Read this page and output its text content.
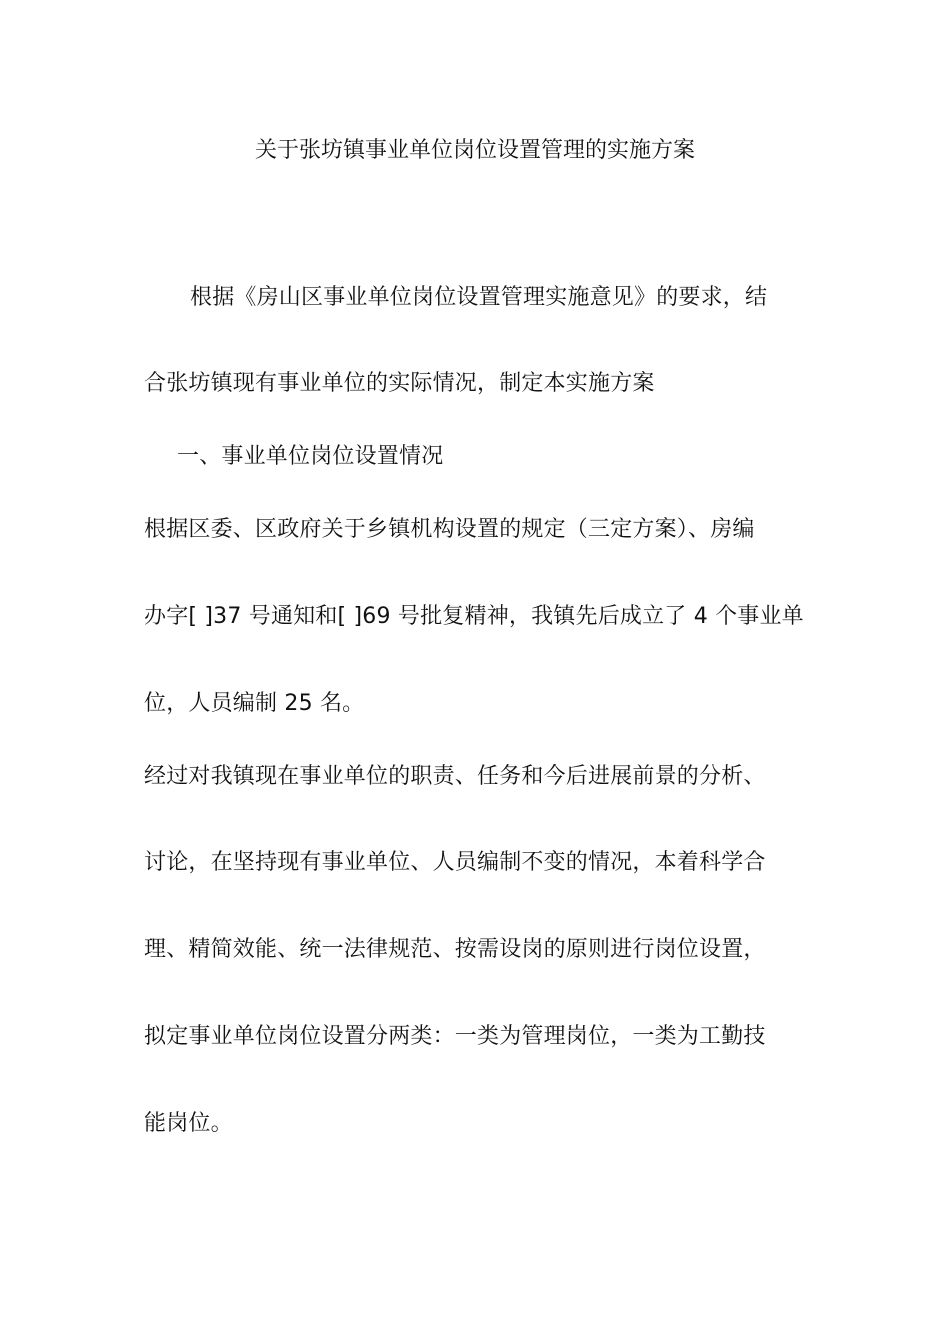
关于张坊镇事业单位岗位设置管理的实施方案
根据《房山区事业单位岗位设置管理实施意见》的要求，结
合张坊镇现有事业单位的实际情况，制定本实施方案
一、事业单位岗位设置情况
根据区委、区政府关于乡镇机构设置的规定（三定方案）、房编
办字[ ]37 号通知和[ ]69 号批复精神，我镇先后成立了 4 个事业单
位，人员编制 25 名。
经过对我镇现在事业单位的职责、任务和今后进展前景的分析、
讨论，在坚持现有事业单位、人员编制不变的情况，本着科学合
理、精简效能、统一法律规范、按需设岗的原则进行岗位设置，
拟定事业单位岗位设置分两类：一类为管理岗位，一类为工勤技
能岗位。
